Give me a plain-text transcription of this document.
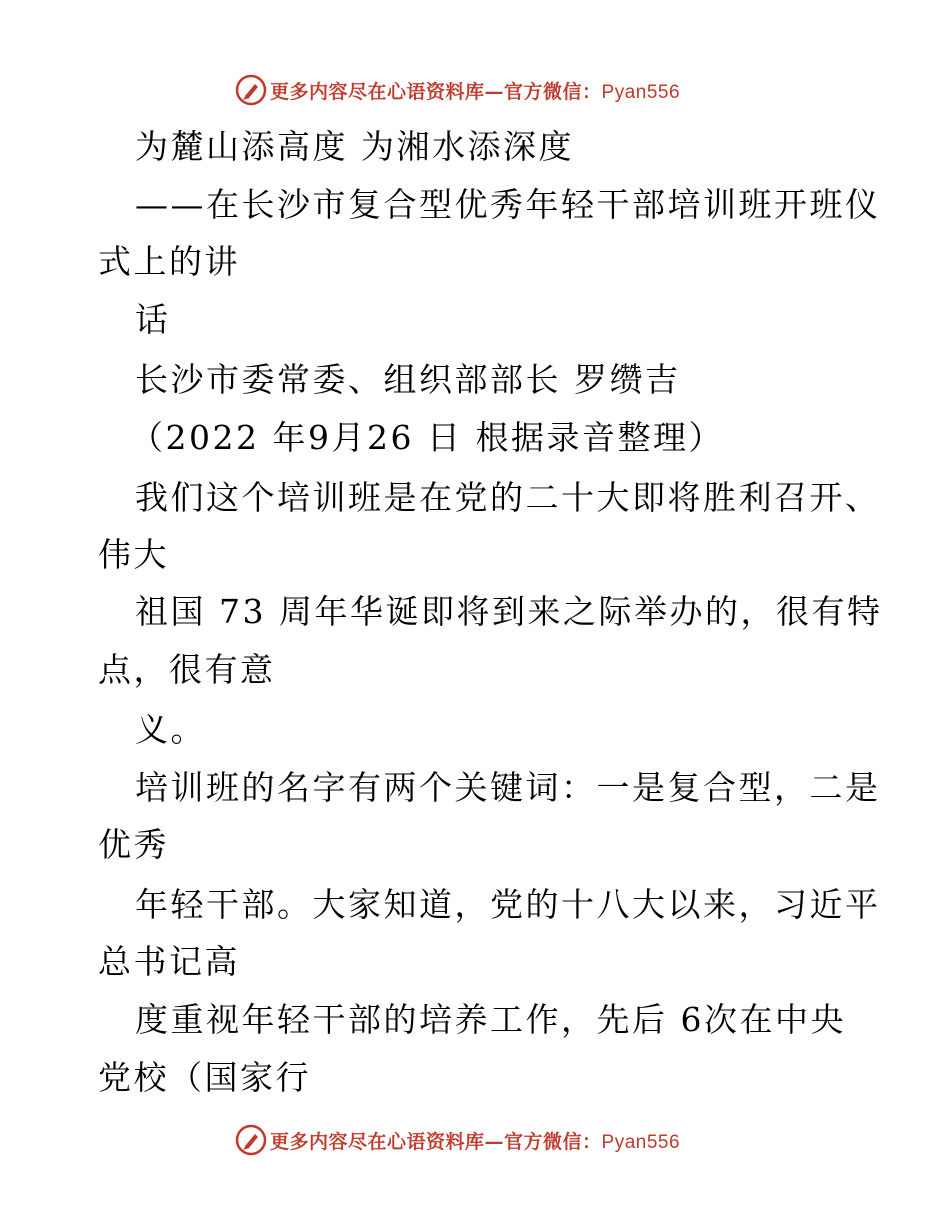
更多内容尽在心语资料库—官方微信：Pyan556
为麓山添高度 为湘水添深度
——在长沙市复合型优秀年轻干部培训班开班仪
式上的讲
话
长沙市委常委、组织部部长 罗缵吉
（2022 年9月26 日 根据录音整理）
我们这个培训班是在党的二十大即将胜利召开、
伟大
祖国 73 周年华诞即将到来之际举办的，很有特
点，很有意
义。
培训班的名字有两个关键词：一是复合型，二是
优秀
年轻干部。大家知道，党的十八大以来，习近平
总书记高
度重视年轻干部的培养工作，先后 6次在中央
党校（国家行
更多内容尽在心语资料库—官方微信：Pyan556
